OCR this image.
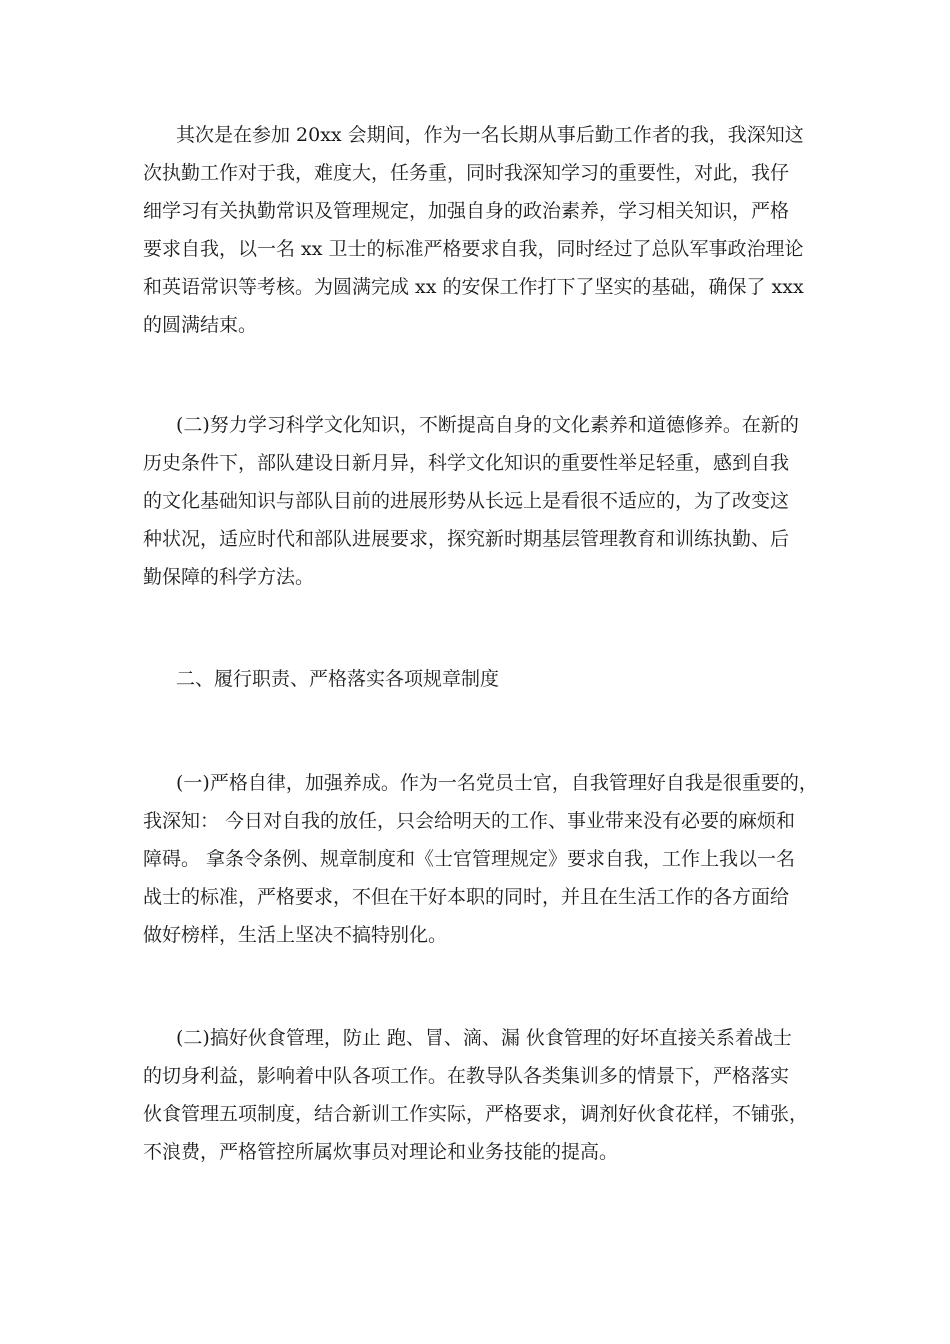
其次是在参加 20xx 会期间，作为一名长期从事后勤工作者的我，我深知这
次执勤工作对于我，难度大，任务重，同时我深知学习的重要性，对此，我仔
细学习有关执勤常识及管理规定，加强自身的政治素养，学习相关知识，严格
要求自我，以一名 xx 卫士的标准严格要求自我，同时经过了总队军事政治理论
和英语常识等考核。为圆满完成 xx 的安保工作打下了坚实的基础，确保了 xxx
的圆满结束。
(二)努力学习科学文化知识，不断提高自身的文化素养和道德修养。在新的
历史条件下，部队建设日新月异，科学文化知识的重要性举足轻重，感到自我
的文化基础知识与部队目前的进展形势从长远上是看很不适应的，为了改变这
种状况，适应时代和部队进展要求，探究新时期基层管理教育和训练执勤、后
勤保障的科学方法。
二、履行职责、严格落实各项规章制度
(一)严格自律，加强养成。作为一名党员士官，自我管理好自我是很重要的，
我深知： 今日对自我的放任，只会给明天的工作、事业带来没有必要的麻烦和
障碍。 拿条令条例、规章制度和《士官管理规定》要求自我，工作上我以一名
战士的标准，严格要求，不但在干好本职的同时，并且在生活工作的各方面给
做好榜样，生活上坚决不搞特别化。
(二)搞好伙食管理，防止 跑、冒、滴、漏 伙食管理的好坏直接关系着战士
的切身利益，影响着中队各项工作。在教导队各类集训多的情景下，严格落实
伙食管理五项制度，结合新训工作实际，严格要求，调剂好伙食花样，不铺张，
不浪费，严格管控所属炊事员对理论和业务技能的提高。
